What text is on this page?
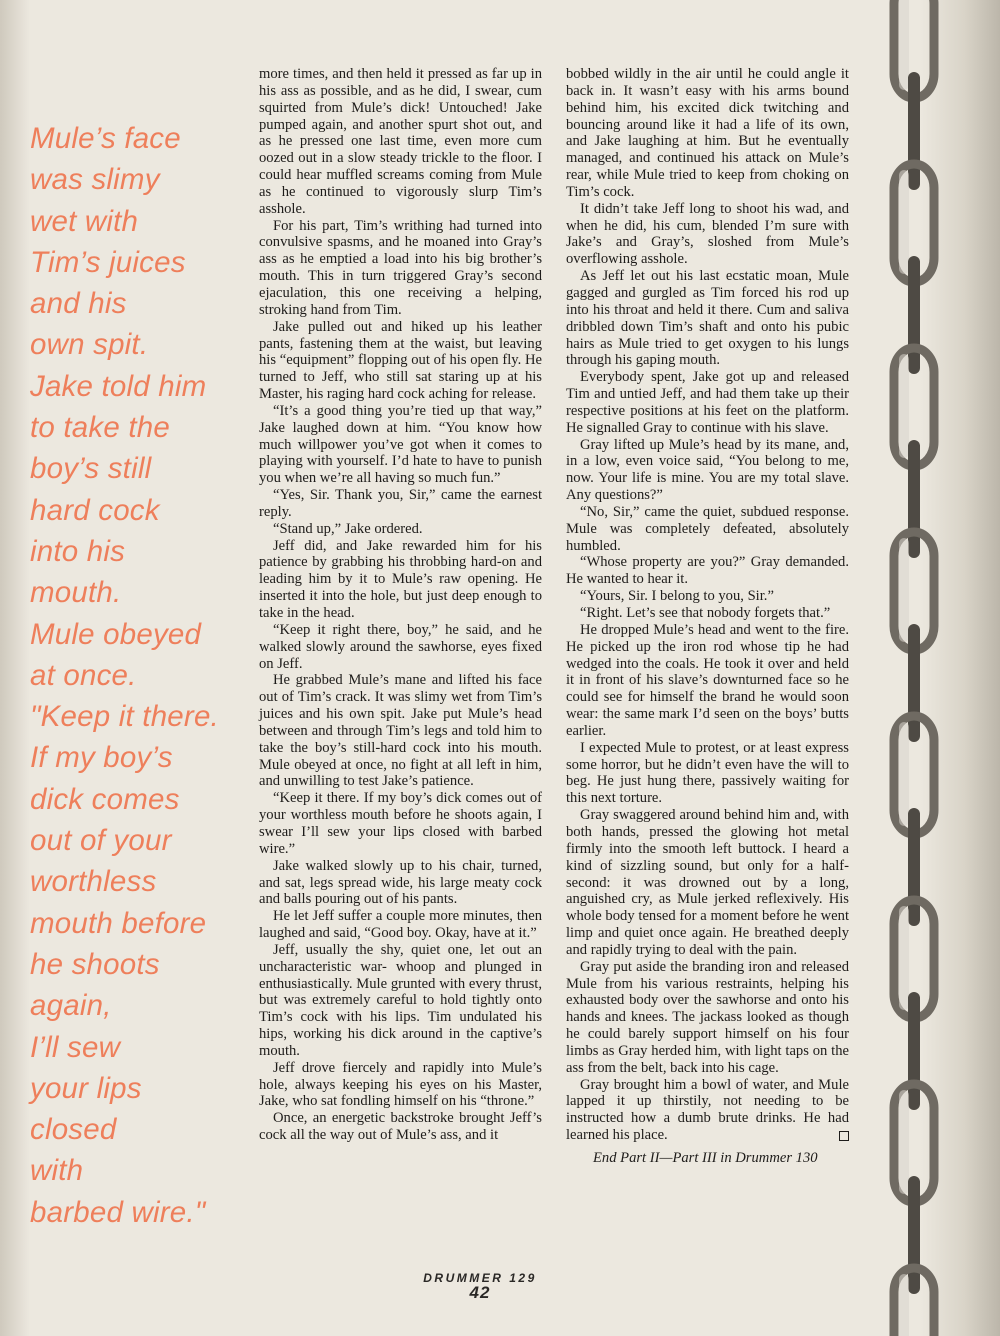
Mule’s face
was slimy
wet with
Tim’s juices
and his
own spit.
Jake told him
to take the
boy’s still
hard cock
into his
mouth.
Mule obeyed
at once.
"Keep it there.
If my boy’s
dick comes
out of your
worthless
mouth before
he shoots
again,
I’ll sew
your lips
closed
with
barbed wire."

more times, and then held it pressed as far up in his ass as possible, and as he did, I swear, cum squirted from Mule’s dick! Untouched! Jake pumped again, and another spurt shot out, and as he pressed one last time, even more cum oozed out in a slow steady trickle to the floor. I could hear muffled screams coming from Mule as he continued to vigorously slurp Tim’s asshole.

For his part, Tim’s writhing had turned into convulsive spasms, and he moaned into Gray’s ass as he emptied a load into his big brother’s mouth. This in turn triggered Gray’s second ejaculation, this one receiving a helping, stroking hand from Tim.

Jake pulled out and hiked up his leather pants, fastening them at the waist, but leaving his “equipment” flopping out of his open fly. He turned to Jeff, who still sat staring up at his Master, his raging hard cock aching for release.

“It’s a good thing you’re tied up that way,” Jake laughed down at him. “You know how much willpower you’ve got when it comes to playing with yourself. I’d hate to have to punish you when we’re all having so much fun.”

“Yes, Sir. Thank you, Sir,” came the earnest reply.

“Stand up,” Jake ordered.

Jeff did, and Jake rewarded him for his patience by grabbing his throbbing hard-on and leading him by it to Mule’s raw opening. He inserted it into the hole, but just deep enough to take in the head.

“Keep it right there, boy,” he said, and he walked slowly around the sawhorse, eyes fixed on Jeff.

He grabbed Mule’s mane and lifted his face out of Tim’s crack. It was slimy wet from Tim’s juices and his own spit. Jake put Mule’s head between and through Tim’s legs and told him to take the boy’s still-hard cock into his mouth. Mule obeyed at once, no fight at all left in him, and unwilling to test Jake’s patience.

“Keep it there. If my boy’s dick comes out of your worthless mouth before he shoots again, I swear I’ll sew your lips closed with barbed wire.”

Jake walked slowly up to his chair, turned, and sat, legs spread wide, his large meaty cock and balls pouring out of his pants.

He let Jeff suffer a couple more minutes, then laughed and said, “Good boy. Okay, have at it.”

Jeff, usually the shy, quiet one, let out an uncharacteristic war- whoop and plunged in enthusiastically. Mule grunted with every thrust, but was extremely careful to hold tightly onto Tim’s cock with his lips. Tim undulated his hips, working his dick around in the captive’s mouth.

Jeff drove fiercely and rapidly into Mule’s hole, always keeping his eyes on his Master, Jake, who sat fondling himself on his “throne.”

Once, an energetic backstroke brought Jeff’s cock all the way out of Mule’s ass, and it

bobbed wildly in the air until he could angle it back in. It wasn’t easy with his arms bound behind him, his excited dick twitching and bouncing around like it had a life of its own, and Jake laughing at him. But he eventually managed, and continued his attack on Mule’s rear, while Mule tried to keep from choking on Tim’s cock.

It didn’t take Jeff long to shoot his wad, and when he did, his cum, blended I’m sure with Jake’s and Gray’s, sloshed from Mule’s overflowing asshole.

As Jeff let out his last ecstatic moan, Mule gagged and gurgled as Tim forced his rod up into his throat and held it there. Cum and saliva dribbled down Tim’s shaft and onto his pubic hairs as Mule tried to get oxygen to his lungs through his gaping mouth.

Everybody spent, Jake got up and released Tim and untied Jeff, and had them take up their respective positions at his feet on the platform. He signalled Gray to continue with his slave.

Gray lifted up Mule’s head by its mane, and, in a low, even voice said, “You belong to me, now. Your life is mine. You are my total slave. Any questions?”

“No, Sir,” came the quiet, subdued response. Mule was completely defeated, absolutely humbled.

“Whose property are you?” Gray demanded. He wanted to hear it.

“Yours, Sir. I belong to you, Sir.”

“Right. Let’s see that nobody forgets that.”

He dropped Mule’s head and went to the fire. He picked up the iron rod whose tip he had wedged into the coals. He took it over and held it in front of his slave’s downturned face so he could see for himself the brand he would soon wear: the same mark I’d seen on the boys’ butts earlier.

I expected Mule to protest, or at least express some horror, but he didn’t even have the will to beg. He just hung there, passively waiting for this next torture.

Gray swaggered around behind him and, with both hands, pressed the glowing hot metal firmly into the smooth left buttock. I heard a kind of sizzling sound, but only for a half-second: it was drowned out by a long, anguished cry, as Mule jerked reflexively. His whole body tensed for a moment before he went limp and quiet once again. He breathed deeply and rapidly trying to deal with the pain.

Gray put aside the branding iron and released Mule from his various restraints, helping his exhausted body over the sawhorse and onto his hands and knees. The jackass looked as though he could barely support himself on his four limbs as Gray herded him, with light taps on the ass from the belt, back into his cage.

Gray brought him a bowl of water, and Mule lapped it up thirstily, not needing to be instructed how a dumb brute drinks. He had learned his place.

End Part II—Part III in Drummer 130
DRUMMER 129
42
